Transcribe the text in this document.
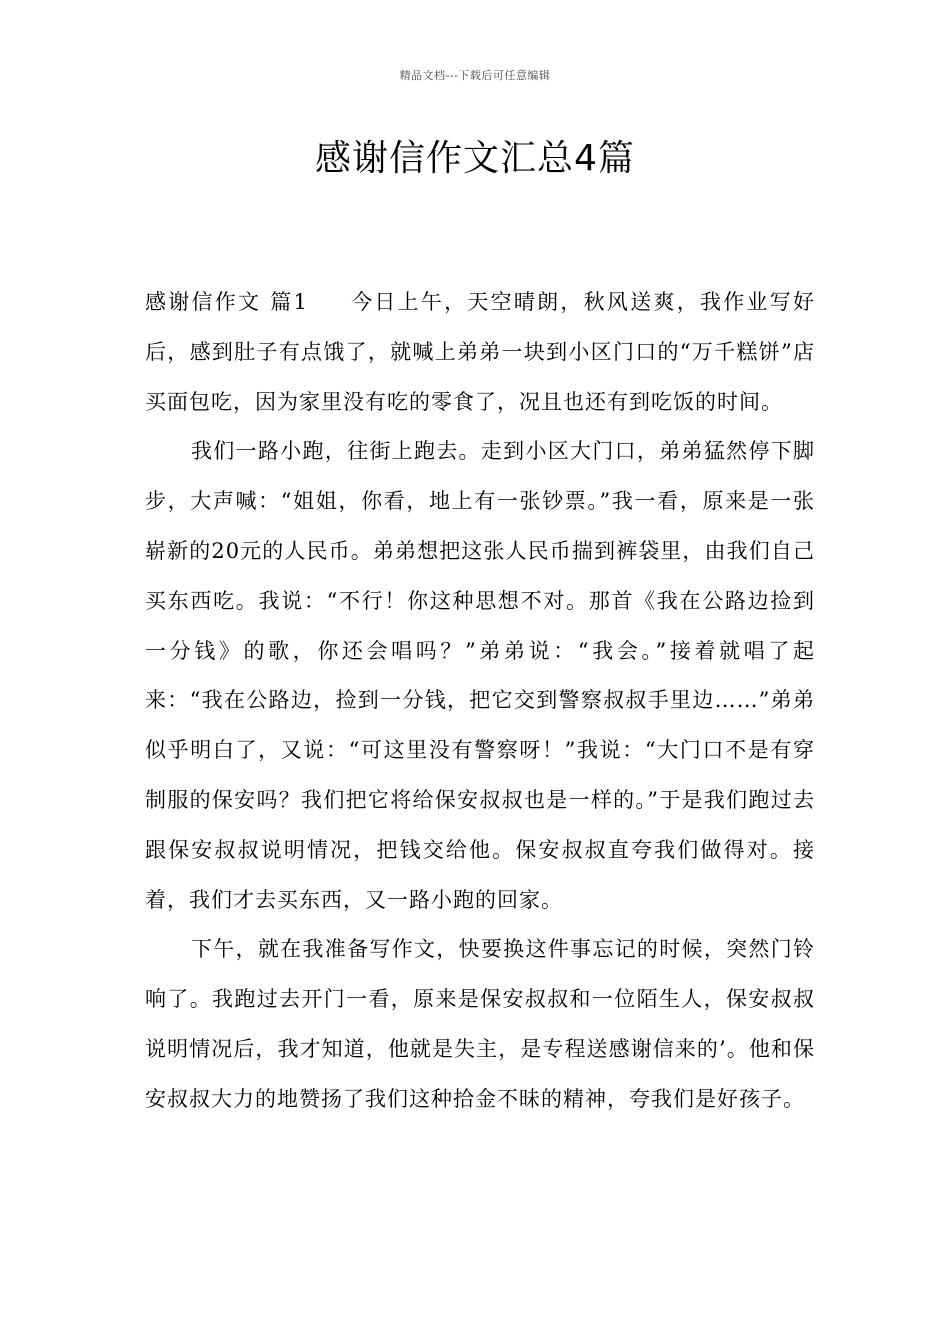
精品文档---下载后可任意编辑
感谢信作文汇总4篇

感谢信作文 篇1 今日上午，天空晴朗，秋风送爽，我作业写好后，感到肚子有点饿了，就喊上弟弟一块到小区门口的“万千糕饼”店买面包吃，因为家里没有吃的零食了，况且也还有到吃饭的时间。

我们一路小跑，往街上跑去。走到小区大门口，弟弟猛然停下脚步，大声喊：“姐姐，你看，地上有一张钞票。”我一看，原来是一张崭新的20元的人民币。弟弟想把这张人民币揣到裤袋里，由我们自己买东西吃。我说：“不行！你这种思想不对。那首《我在公路边捡到一分钱》的歌，你还会唱吗？”弟弟说：“我会。”接着就唱了起来：“我在公路边，捡到一分钱，把它交到警察叔叔手里边……”弟弟似乎明白了，又说：“可这里没有警察呀！”我说：“大门口不是有穿制服的保安吗？我们把它将给保安叔叔也是一样的。”于是我们跑过去跟保安叔叔说明情况，把钱交给他。保安叔叔直夸我们做得对。接着，我们才去买东西，又一路小跑的回家。

下午，就在我准备写作文，快要换这件事忘记的时候，突然门铃响了。我跑过去开门一看，原来是保安叔叔和一位陌生人，保安叔叔说明情况后，我才知道，他就是失主，是专程送感谢信来的’。他和保安叔叔大力的地赞扬了我们这种拾金不昧的精神，夸我们是好孩子。
